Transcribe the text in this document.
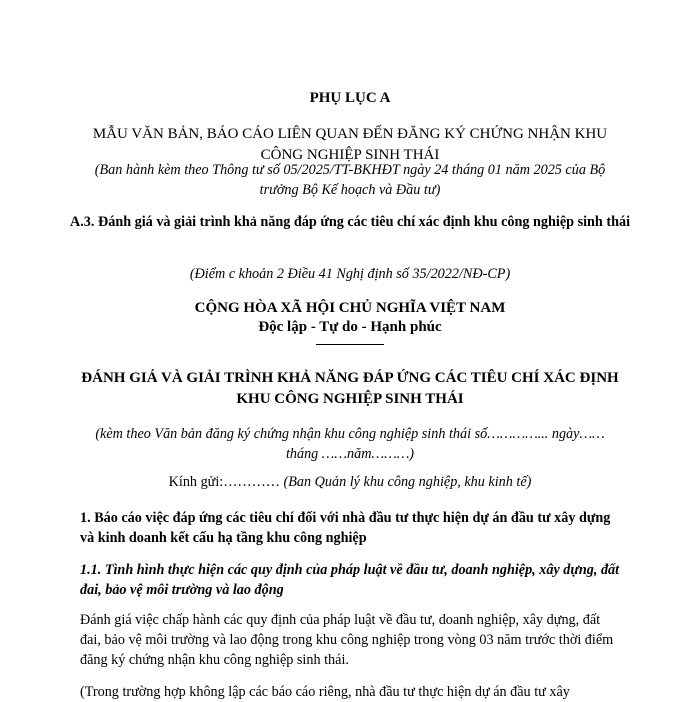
PHỤ LỤC A

MẪU VĂN BẢN, BÁO CÁO LIÊN QUAN ĐẾN ĐĂNG KÝ CHỨNG NHẬN KHU CÔNG NGHIỆP SINH THÁI

(Ban hành kèm theo Thông tư số 05/2025/TT-BKHĐT ngày 24 tháng 01 năm 2025 của Bộ trưởng Bộ Kế hoạch và Đầu tư)

A.3. Đánh giá và giải trình khả năng đáp ứng các tiêu chí xác định khu công nghiệp sinh thái

(Điểm c khoản 2 Điều 41 Nghị định số 35/2022/NĐ-CP)

CỘNG HÒA XÃ HỘI CHỦ NGHĨA VIỆT NAM

Độc lập - Tự do - Hạnh phúc

ĐÁNH GIÁ VÀ GIẢI TRÌNH KHẢ NĂNG ĐÁP ỨNG CÁC TIÊU CHÍ XÁC ĐỊNH KHU CÔNG NGHIỆP SINH THÁI

(kèm theo Văn bản đăng ký chứng nhận khu công nghiệp sinh thái số…………... ngày…… tháng ……năm………)

Kính gửi:………… (Ban Quản lý khu công nghiệp, khu kinh tế)

1. Báo cáo việc đáp ứng các tiêu chí đối với nhà đầu tư thực hiện dự án đầu tư xây dựng và kinh doanh kết cấu hạ tầng khu công nghiệp

1.1. Tình hình thực hiện các quy định của pháp luật về đầu tư, doanh nghiệp, xây dựng, đất đai, bảo vệ môi trường và lao động

Đánh giá việc chấp hành các quy định của pháp luật về đầu tư, doanh nghiệp, xây dựng, đất đai, bảo vệ môi trường và lao động trong khu công nghiệp trong vòng 03 năm trước thời điểm đăng ký chứng nhận khu công nghiệp sinh thái.

(Trong trường hợp không lập các báo cáo riêng, nhà đầu tư thực hiện dự án đầu tư xây
